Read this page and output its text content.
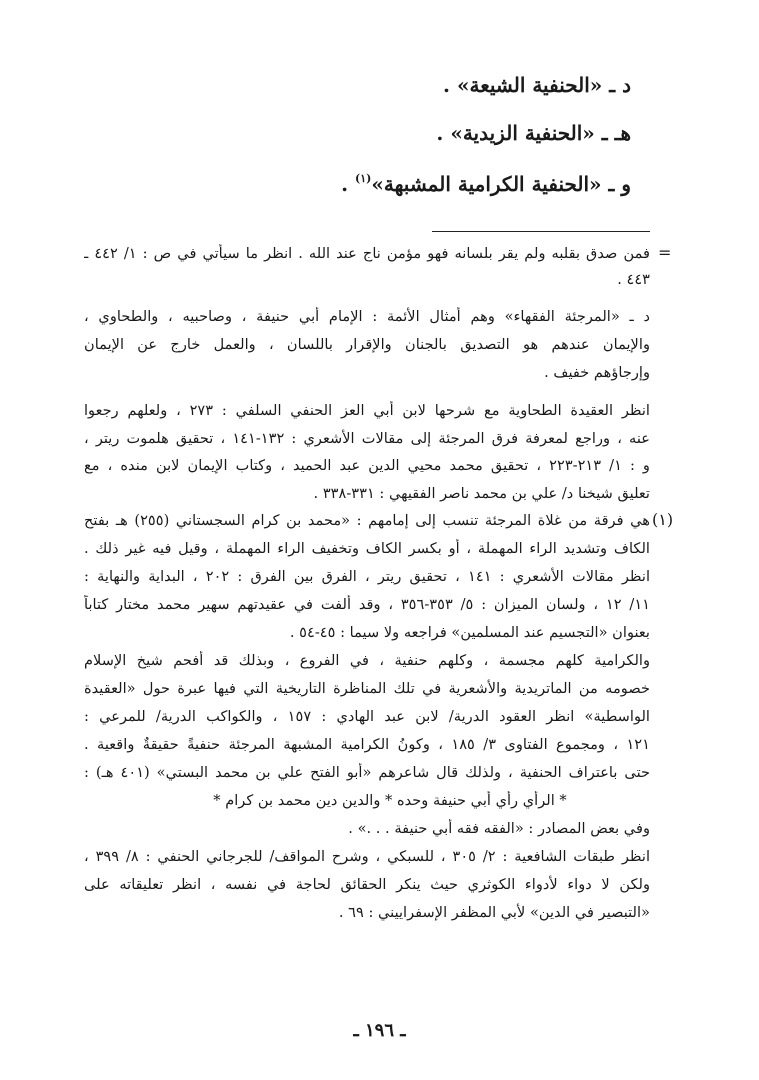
د ـ «الحنفية الشيعة» .
هـ ـ «الحنفية الزيدية» .
و ـ «الحنفية الكرامية المشبهة»$^{(١)}$ .
=
(١)
فمن صدق بقلبه ولم يقر بلسانه فهو مؤمن ناج عند الله . انظر ما سيأتي في ص : ١/ ٤٤٢ ـ
٤٤٣ .
د ـ «المرجئة الفقهاء» وهم أمثال الأئمة : الإمام أبي حنيفة ، وصاحبيه ، والطحاوي ،
والإيمان عندهم هو التصديق بالجنان والإقرار باللسان ، والعمل خارج عن الإيمان
وإرجاؤهم خفيف .
انظر العقيدة الطحاوية مع شرحها لابن أبي العز الحنفي السلفي : ٢٧٣ ، ولعلهم رجعوا
عنه ، وراجع لمعرفة فرق المرجئة إلى مقالات الأشعري : ١٣٢-١٤١ ، تحقيق هلموت ريتر ،
و : ١/ ٢١٣-٢٢٣ ، تحقيق محمد محيي الدين عبد الحميد ، وكتاب الإيمان لابن منده ، مع
تعليق شيخنا د/ علي بن محمد ناصر الفقيهي : ٣٣١-٣٣٨ .
هي فرقة من غلاة المرجئة تنسب إلى إمامهم : «محمد بن كرام السجستاني (٢٥٥) هـ بفتح
الكاف وتشديد الراء المهملة ، أو بكسر الكاف وتخفيف الراء المهملة ، وقيل فيه غير ذلك .
انظر مقالات الأشعري : ١٤١ ، تحقيق ريتر ، الفرق بين الفرق : ٢٠٢ ، البداية والنهاية :
١١/ ١٢ ، ولسان الميزان : ٥/ ٣٥٣-٣٥٦ ، وقد ألفت في عقيدتهم سهير محمد مختار كتاباً
بعنوان «التجسيم عند المسلمين» فراجعه ولا سيما : ٤٥-٥٤ .
والكرامية كلهم مجسمة ، وكلهم حنفية ، في الفروع ، وبذلك قد أفحم شيخ الإسلام
خصومه من الماتريدية والأشعرية في تلك المناظرة التاريخية التي فيها عبرة حول «العقيدة
الواسطية» انظر العقود الدرية/ لابن عبد الهادي : ١٥٧ ، والكواكب الدرية/ للمرعي :
١٢١ ، ومجموع الفتاوى ٣/ ١٨٥ ، وكونُ الكرامية المشبهة المرجئة حنفيةً حقيقةٌ واقعية .
حتى باعتراف الحنفية ، ولذلك قال شاعرهم «أبو الفتح علي بن محمد البستي» (٤٠١ هـ) :
* الرأي رأي أبي حنيفة وحده * والدين دين محمد بن كرام *
وفي بعض المصادر : «الفقه فقه أبي حنيفة . . .» .
انظر طبقات الشافعية : ٢/ ٣٠٥ ، للسبكي ، وشرح المواقف/ للجرجاني الحنفي : ٨/ ٣٩٩ ،
ولكن لا دواء لأدواء الكوثري حيث ينكر الحقائق لحاجة في نفسه ، انظر تعليقاته على
«التبصير في الدين» لأبي المظفر الإسفراييني : ٦٩ .
ـ ١٩٦ ـ
